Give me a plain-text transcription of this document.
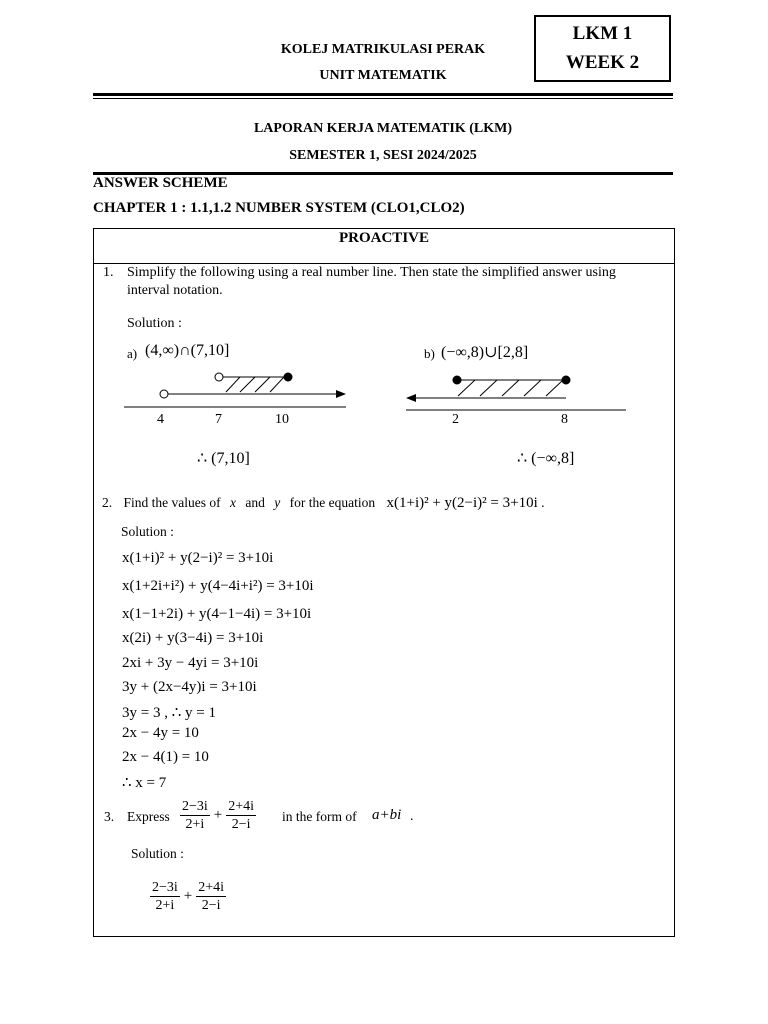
KOLEJ MATRIKULASI PERAK
UNIT MATEMATIK
LKM 1
WEEK 2
LAPORAN KERJA MATEMATIK (LKM)
SEMESTER 1, SESI 2024/2025
ANSWER SCHEME
CHAPTER 1 : 1.1,1.2 NUMBER SYSTEM (CLO1,CLO2)
PROACTIVE
1. Simplify the following using a real number line. Then state the simplified answer using
interval notation.
Solution :
a) (4,∞)∩(7,10]	b) (−∞,8)∪[2,8]
4	7	10	2	8
∴ (7,10]	∴ (−∞,8]
2. Find the values of x and y for the equation x(1+i)² + y(2−i)² = 3+10i .
Solution :
x(1+i)² + y(2−i)² = 3+10i
x(1+2i+i²) + y(4−4i+i²) = 3+10i
x(1−1+2i) + y(4−1−4i) = 3+10i
x(2i) + y(3−4i) = 3+10i
2xi + 3y − 4yi = 3+10i
3y + (2x−4y)i = 3+10i
3y = 3 , ∴ y = 1
2x − 4y = 10
2x − 4(1) = 10
∴ x = 7
3. Express $\frac{2-3i}{2+i} + \frac{2+4i}{2-i}$ in the form of a+bi .
Solution :
$\frac{2-3i}{2+i} + \frac{2+4i}{2-i}$
